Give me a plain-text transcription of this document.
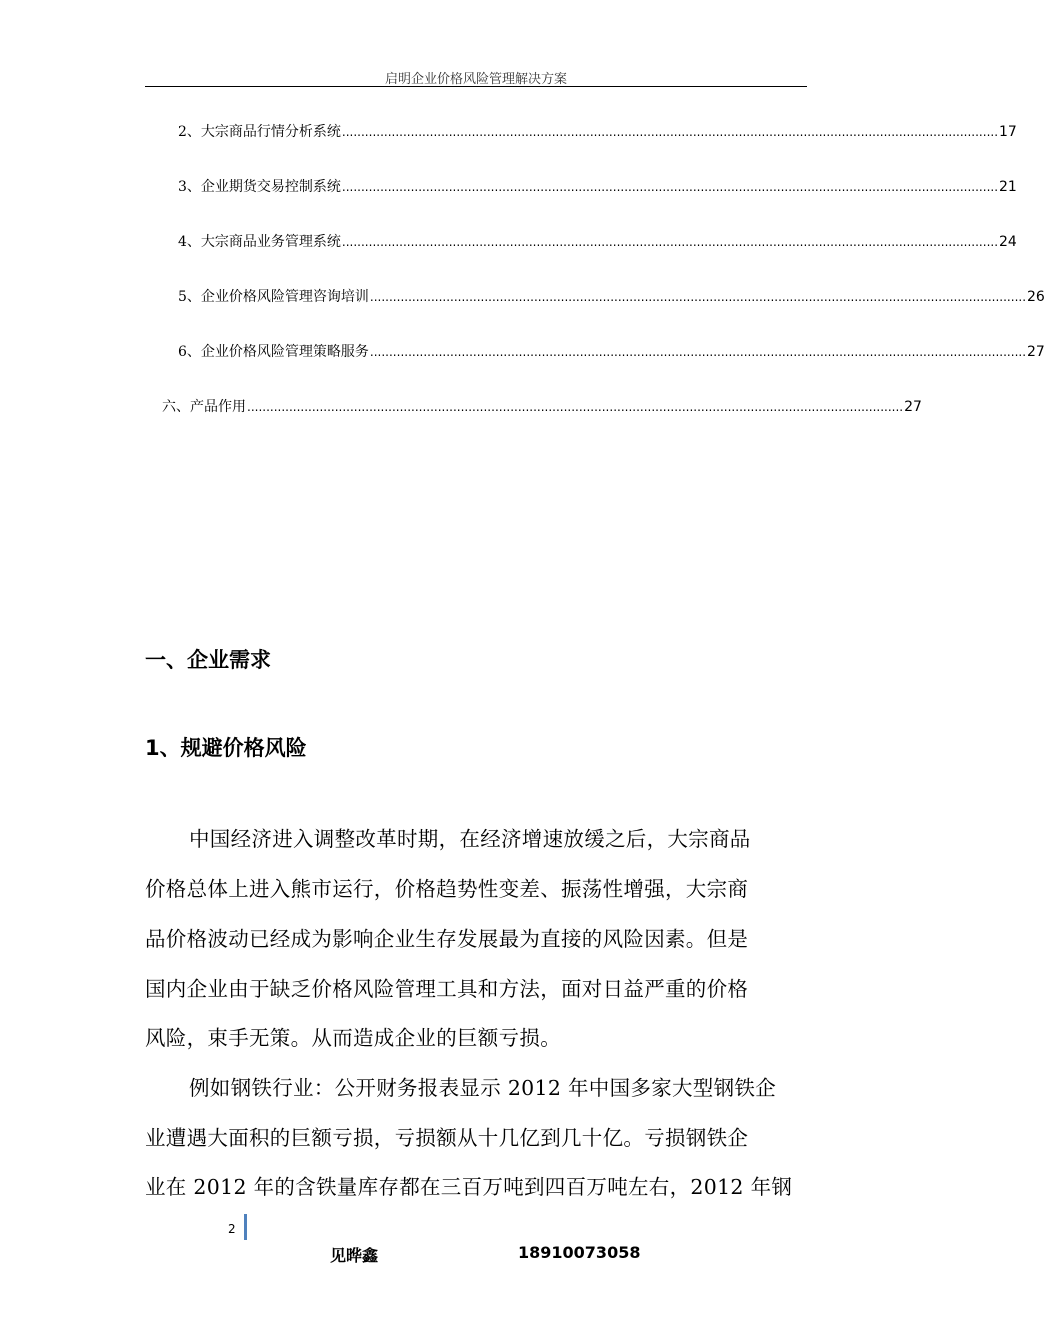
启明企业价格风险管理解决方案
2、大宗商品行情分析系统 ............................................................................................................................................................................ 17
3、企业期货交易控制系统 ............................................................................................................................................................................ 21
4、大宗商品业务管理系统 ............................................................................................................................................................................ 24
5、企业价格风险管理咨询培训 ............................................................................................................................................................................ 26
6、企业价格风险管理策略服务 ............................................................................................................................................................................ 27
六、产品作用 ............................................................................................................................................................................ 27
一、企业需求
1、规避价格风险
中国经济进入调整改革时期，在经济增速放缓之后，大宗商品
价格总体上进入熊市运行，价格趋势性变差、振荡性增强，大宗商
品价格波动已经成为影响企业生存发展最为直接的风险因素。但是
国内企业由于缺乏价格风险管理工具和方法，面对日益严重的价格
风险，束手无策。从而造成企业的巨额亏损。
例如钢铁行业：公开财务报表显示 2012 年中国多家大型钢铁企
业遭遇大面积的巨额亏损，亏损额从十几亿到几十亿。亏损钢铁企
业在 2012 年的含铁量库存都在三百万吨到四百万吨左右，2012 年钢
2
见晔鑫	18910073058
